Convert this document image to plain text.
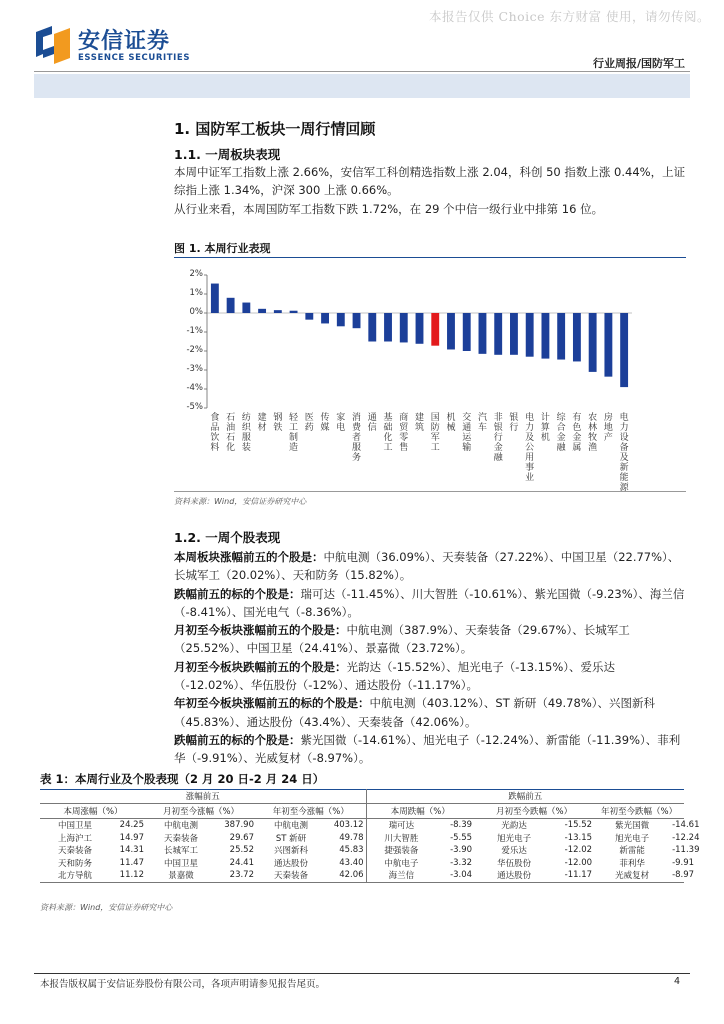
本报告仅供 Choice 东方财富 使用，请勿传阅。
安信证券
ESSENCE SECURITIES	行业周报/国防军工
1. 国防军工板块一周行情回顾
1.1. 一周板块表现

本周中证军工指数上涨 2.66%，安信军工科创精选指数上涨 2.04，科创 50 指数上涨 0.44%，上证综指上涨 1.34%，沪深 300 上涨 0.66%。

从行业来看，本周国防军工指数下跌 1.72%，在 29 个中信一级行业中排第 16 位。

图 1. 本周行业表现
2%
1%
0%
-1%
-2%
-3%
-4%
-5%
食
品
饮
料
石
油
石
化
纺
织
服
装
建
材
钢
铁
轻
工
制
造
医
药
传
媒
家
电
消
费
者
服
务
通
信
基
础
化
工
商
贸
零
售
建
筑
国
防
军
工
机
械
交
通
运
输
汽
车
非
银
行
金
融
银
行
电
力
及
公
用
事
业
计
算
机
综
合
金
融
有
色
金
属
农
林
牧
渔
房
地
产
电
力
设
备
及
新
能
源
资料来源：Wind，安信证券研究中心
1.2. 一周个股表现

本周板块涨幅前五的个股是：中航电测（36.09%）、天奏装备（27.22%）、中国卫星（22.77%）、长城军工（20.02%）、天和防务（15.82%）。

跌幅前五的标的个股是：瑞可达（-11.45%）、川大智胜（-10.61%）、紫光国微（-9.23%）、海兰信（-8.41%）、国光电气（-8.36%）。

月初至今板块涨幅前五的个股是：中航电测（387.9%）、天秦装备（29.67%）、长城军工（25.52%）、中国卫星（24.41%）、景嘉微（23.72%）。

月初至今板块跌幅前五的个股是：光韵达（-15.52%）、旭光电子（-13.15%）、爱乐达（-12.02%）、华伍股份（-12%）、通达股份（-11.17%）。

年初至今板块涨幅前五的标的个股是：中航电测（403.12%）、ST 新研（49.78%）、兴图新科（45.83%）、通达股份（43.4%）、天秦装备（42.06%）。

跌幅前五的标的个股是：紫光国微（-14.61%）、旭光电子（-12.24%）、新雷能（-11.39%）、菲利华（-9.91%）、光威复材（-8.97%）。

表 1：本周行业及个股表现（2 月 20 日-2 月 24 日）
涨幅前五						跌幅前五					
本周涨幅（%）		月初至今涨幅（%）		年初至今涨幅（%）		本周跌幅（%）		月初至今跌幅（%）		年初至今跌幅（%）	
中国卫星	24.25	中航电测	387.90	中航电测	403.12	瑞可达	-8.39	光韵达	-15.52	紫光国微	-14.61
上海沪工	14.97	天秦装备	29.67	ST 新研	49.78	川大智胜	-5.55	旭光电子	-13.15	旭光电子	-12.24
天秦装备	14.31	长城军工	25.52	兴图新科	45.83	捷强装备	-3.90	爱乐达	-12.02	新雷能	-11.39
天和防务	11.47	中国卫星	24.41	通达股份	43.40	中航电子	-3.32	华伍股份	-12.00	菲利华	-9.91
北方导航	11.12	景嘉微	23.72	天秦装备	42.06	海兰信	-3.04	通达股份	-11.17	光威复材	-8.97
资料来源：Wind，安信证券研究中心
本报告版权属于安信证券股份有限公司，各项声明请参见报告尾页。	4
